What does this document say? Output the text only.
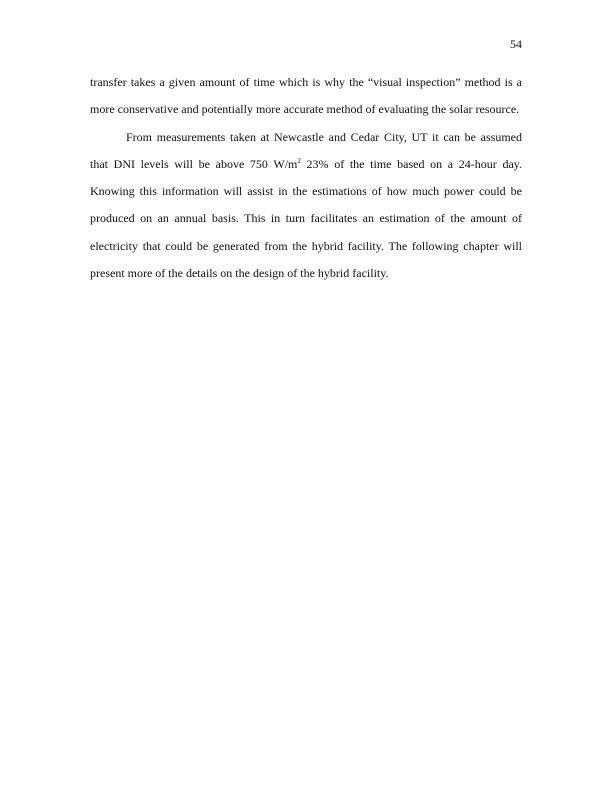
54

transfer takes a given amount of time which is why the “visual inspection” method is a more conservative and potentially more accurate method of evaluating the solar resource.

From measurements taken at Newcastle and Cedar City, UT it can be assumed that DNI levels will be above 750 $W/m^2$ 23% of the time based on a 24-hour day. Knowing this information will assist in the estimations of how much power could be produced on an annual basis. This in turn facilitates an estimation of the amount of electricity that could be generated from the hybrid facility. The following chapter will present more of the details on the design of the hybrid facility.
